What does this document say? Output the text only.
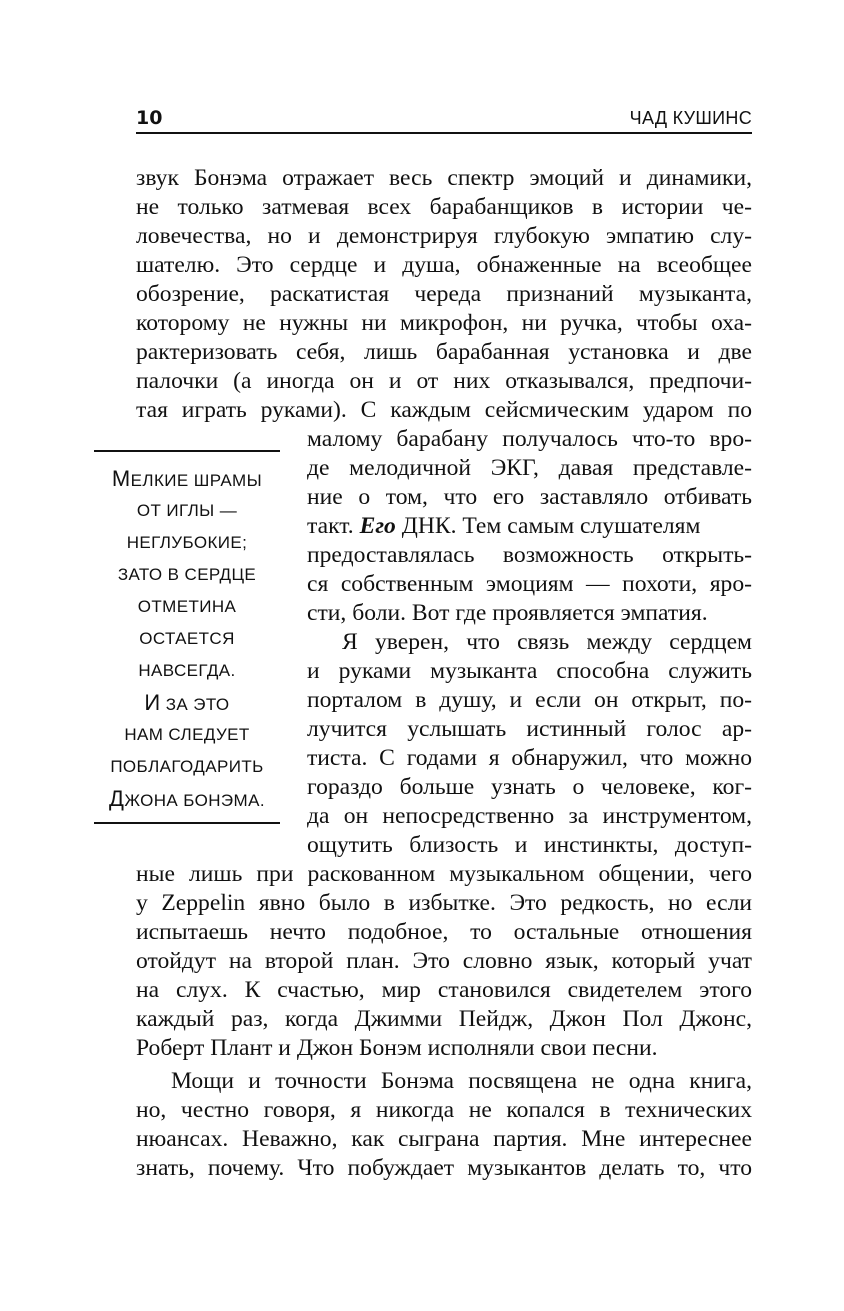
10	ЧАД КУШИНС
звук Бонэма отражает весь спектр эмоций и динамики,
не только затмевая всех барабанщиков в истории че-
ловечества, но и демонстрируя глубокую эмпатию слу-
шателю. Это сердце и душа, обнаженные на всеобщее
обозрение, раскатистая череда признаний музыканта,
которому не нужны ни микрофон, ни ручка, чтобы оха-
рактеризовать себя, лишь барабанная установка и две
палочки (а иногда он и от них отказывался, предпочи-
тая играть руками). С каждым сейсмическим ударом по
малому барабану получалось что-то вро-
де мелодичной ЭКГ, давая представле-
ние о том, что его заставляло отбивать
такт. Его ДНК. Тем самым слушателям
предоставлялась возможность открыть-
ся собственным эмоциям — похоти, яро-
сти, боли. Вот где проявляется эмпатия.
Я уверен, что связь между сердцем
и руками музыканта способна служить
порталом в душу, и если он открыт, по-
лучится услышать истинный голос ар-
тиста. С годами я обнаружил, что можно
гораздо больше узнать о человеке, ког-
да он непосредственно за инструментом,
ощутить близость и инстинкты, доступ-
ные лишь при раскованном музыкальном общении, чего
у Zeppelin явно было в избытке. Это редкость, но если
испытаешь нечто подобное, то остальные отношения
отойдут на второй план. Это словно язык, который учат
на слух. К счастью, мир становился свидетелем этого
каждый раз, когда Джимми Пейдж, Джон Пол Джонс,
Роберт Плант и Джон Бонэм исполняли свои песни.
Мощи и точности Бонэма посвящена не одна книга,
но, честно говоря, я никогда не копался в технических
нюансах. Неважно, как сыграна партия. Мне интереснее
знать, почему. Что побуждает музыкантов делать то, что
МЕЛКИЕ ШРАМЫ
ОТ ИГЛЫ —
НЕГЛУБОКИЕ;
ЗАТО В СЕРДЦЕ
ОТМЕТИНА
ОСТАЕТСЯ
НАВСЕГДА.
И ЗА ЭТО
НАМ СЛЕДУЕТ
ПОБЛАГОДАРИТЬ
ДЖОНА БОНЭМА.
